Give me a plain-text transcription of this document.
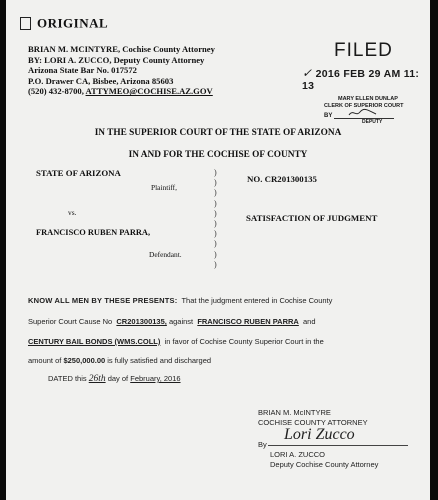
ORIGINAL
BRIAN M. MCINTYRE, Cochise County Attorney
BY: LORI A. ZUCCO, Deputy County Attorney
Arizona State Bar No. 017572
P.O. Drawer CA, Bisbee, Arizona 85603
(520) 432-8700, ATTYMEO@COCHISE.AZ.GOV
FILED
✓ 2016 FEB 29 AM 11: 13
MARY ELLEN DUNLAP
CLERK OF SUPERIOR COURT
BY
DEPUTY
IN THE SUPERIOR COURT OF THE STATE OF ARIZONA
IN AND FOR THE COCHISE OF COUNTY
STATE OF ARIZONA
Plaintiff,
vs.
FRANCISCO RUBEN PARRA,
Defendant.
)
)
)
)
)
)
)
)
)
)
NO. CR201300135
SATISFACTION OF JUDGMENT
KNOW ALL MEN BY THESE PRESENTS: That the judgment entered in Cochise County
Superior Court Cause No CR201300135, against FRANCISCO RUBEN PARRA and
CENTURY BAIL BONDS (WMS.COLL) in favor of Cochise County Superior Court in the
amount of $250,000.00 is fully satisfied and discharged
DATED this 26th day of February, 2016
BRIAN M. McINTYRE
COCHISE COUNTY ATTORNEY
By
Lori Zucco
LORI A. ZUCCO
Deputy Cochise County Attorney
